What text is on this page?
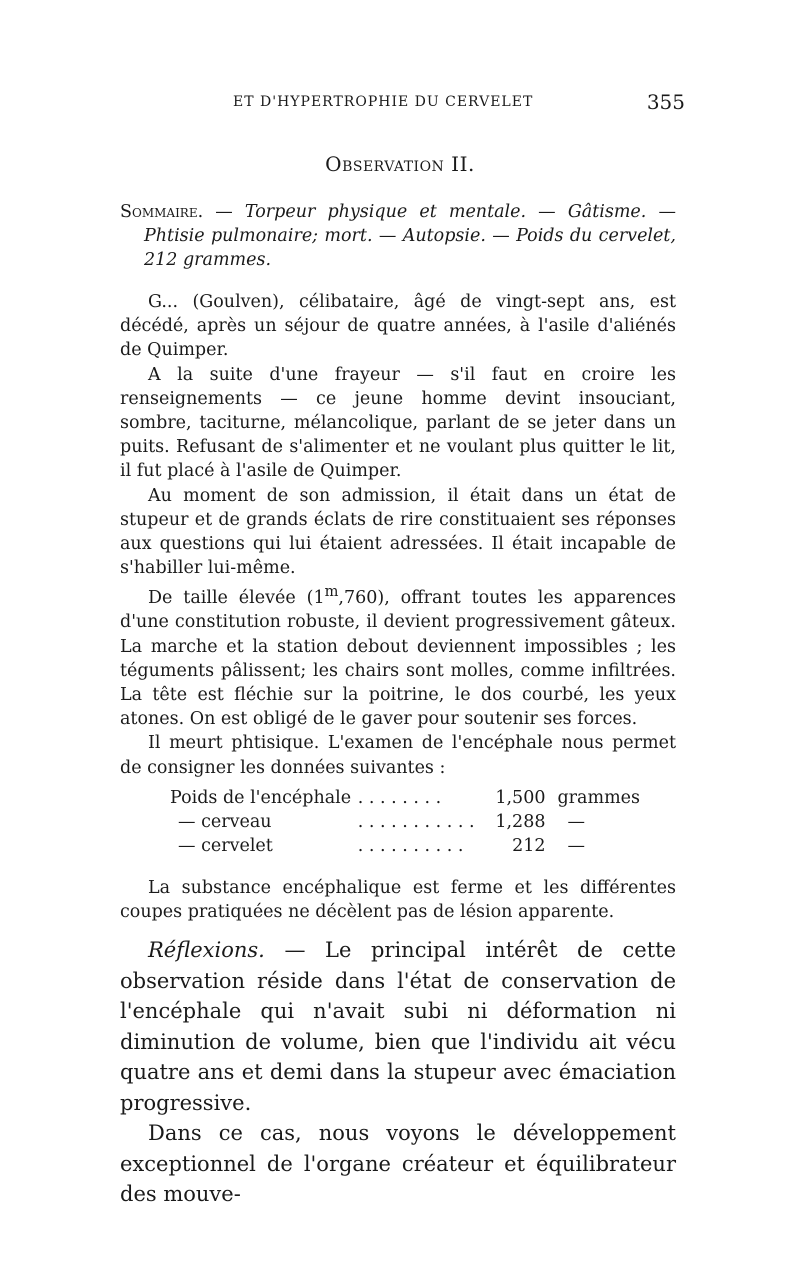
ET D'HYPERTROPHIE DU CERVELET	355
Observation II.

Sommaire. — Torpeur physique et mentale. — Gâtisme. — Phtisie pulmonaire; mort. — Autopsie. — Poids du cervelet, 212 grammes.

G... (Goulven), célibataire, âgé de vingt-sept ans, est décédé, après un séjour de quatre années, à l'asile d'aliénés de Quimper.

A la suite d'une frayeur — s'il faut en croire les renseignements — ce jeune homme devint insouciant, sombre, taciturne, mélancolique, parlant de se jeter dans un puits. Refusant de s'alimenter et ne voulant plus quitter le lit, il fut placé à l'asile de Quimper.

Au moment de son admission, il était dans un état de stupeur et de grands éclats de rire constituaient ses réponses aux questions qui lui étaient adressées. Il était incapable de s'habiller lui-même.

De taille élevée (1$^m$,760), offrant toutes les apparences d'une constitution robuste, il devient progressivement gâteux. La marche et la station debout deviennent impossibles ; les téguments pâlissent; les chairs sont molles, comme infiltrées. La tête est fléchie sur la poitrine, le dos courbé, les yeux atones. On est obligé de le gaver pour soutenir ses forces.

Il meurt phtisique. L'examen de l'encéphale nous permet de consigner les données suivantes :

Poids de l'encéphale	. . . . . . . .	1,500	grammes
— cerveau	. . . . . . . . . . .	1,288	—
— cervelet	. . . . . . . . . .	212	—

La substance encéphalique est ferme et les différentes coupes pratiquées ne décèlent pas de lésion apparente.

Réflexions. — Le principal intérêt de cette observation réside dans l'état de conservation de l'encéphale qui n'avait subi ni déformation ni diminution de volume, bien que l'individu ait vécu quatre ans et demi dans la stupeur avec émaciation progressive.

Dans ce cas, nous voyons le développement exceptionnel de l'organe créateur et équilibrateur des mouve-
